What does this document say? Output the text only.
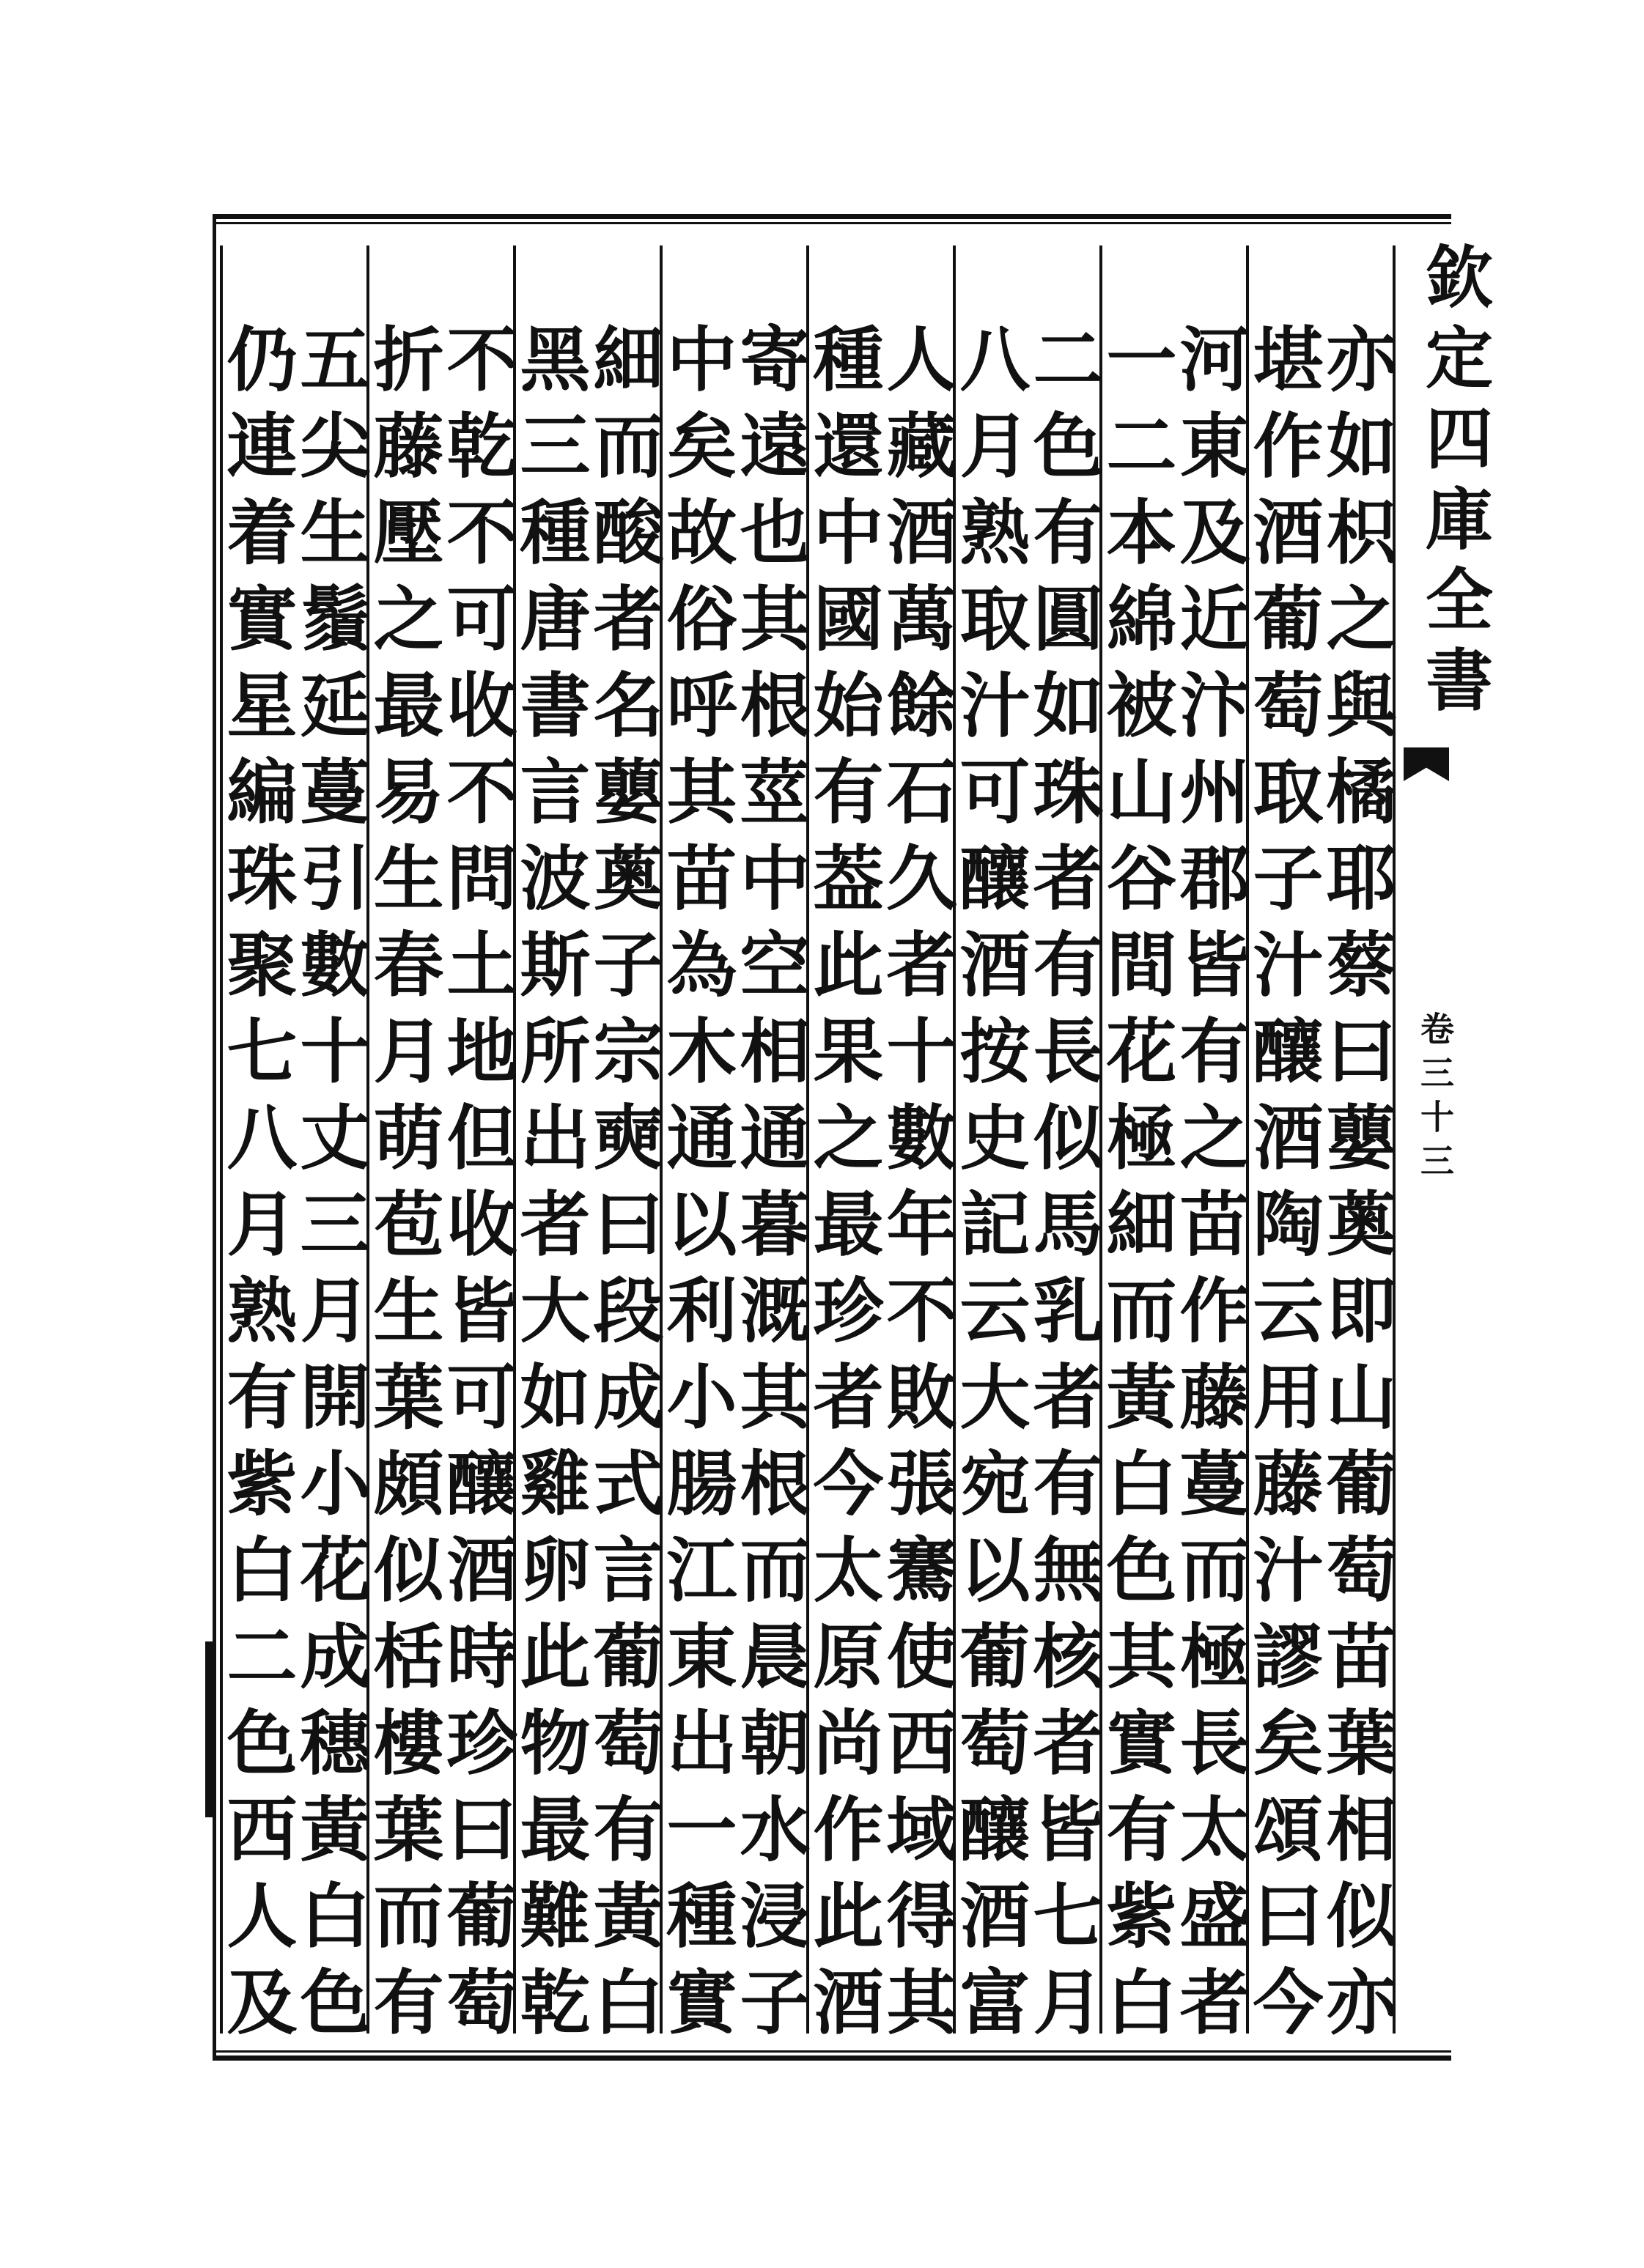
欽定四庫全書
卷三十三
亦如枳之與橘耶蔡曰蘡薁即山葡萄苗葉相似亦
堪作酒葡萄取子汁釀酒陶云用藤汁謬矣頌曰今
河東及近汴州郡皆有之苗作藤蔓而極長太盛者
一二本綿被山谷間花極細而黃白色其實有紫白
二色有圓如珠者有長似馬乳者有無核者皆七月
八月熟取汁可釀酒按史記云大宛以葡萄釀酒富
人藏酒萬餘石久者十數年不敗張騫使西域得其
種還中國始有葢此果之最珍者今太原尚作此酒
寄遠也其根莖中空相通暮溉其根而晨朝水浸子
中矣故俗呼其苗為木通以利小腸江東出一種實
細而酸者名蘡薁子宗奭曰段成式言葡萄有黃白
黑三種唐書言波斯所出者大如雞卵此物最難乾
不乾不可收不問土地但收皆可釀酒時珍曰葡萄
折藤壓之最易生春月萌苞生葉頗似栝樓葉而有
五尖生鬚延蔓引數十丈三月開小花成穗黃白色
仍連着實星編珠聚七八月熟有紫白二色西人及
